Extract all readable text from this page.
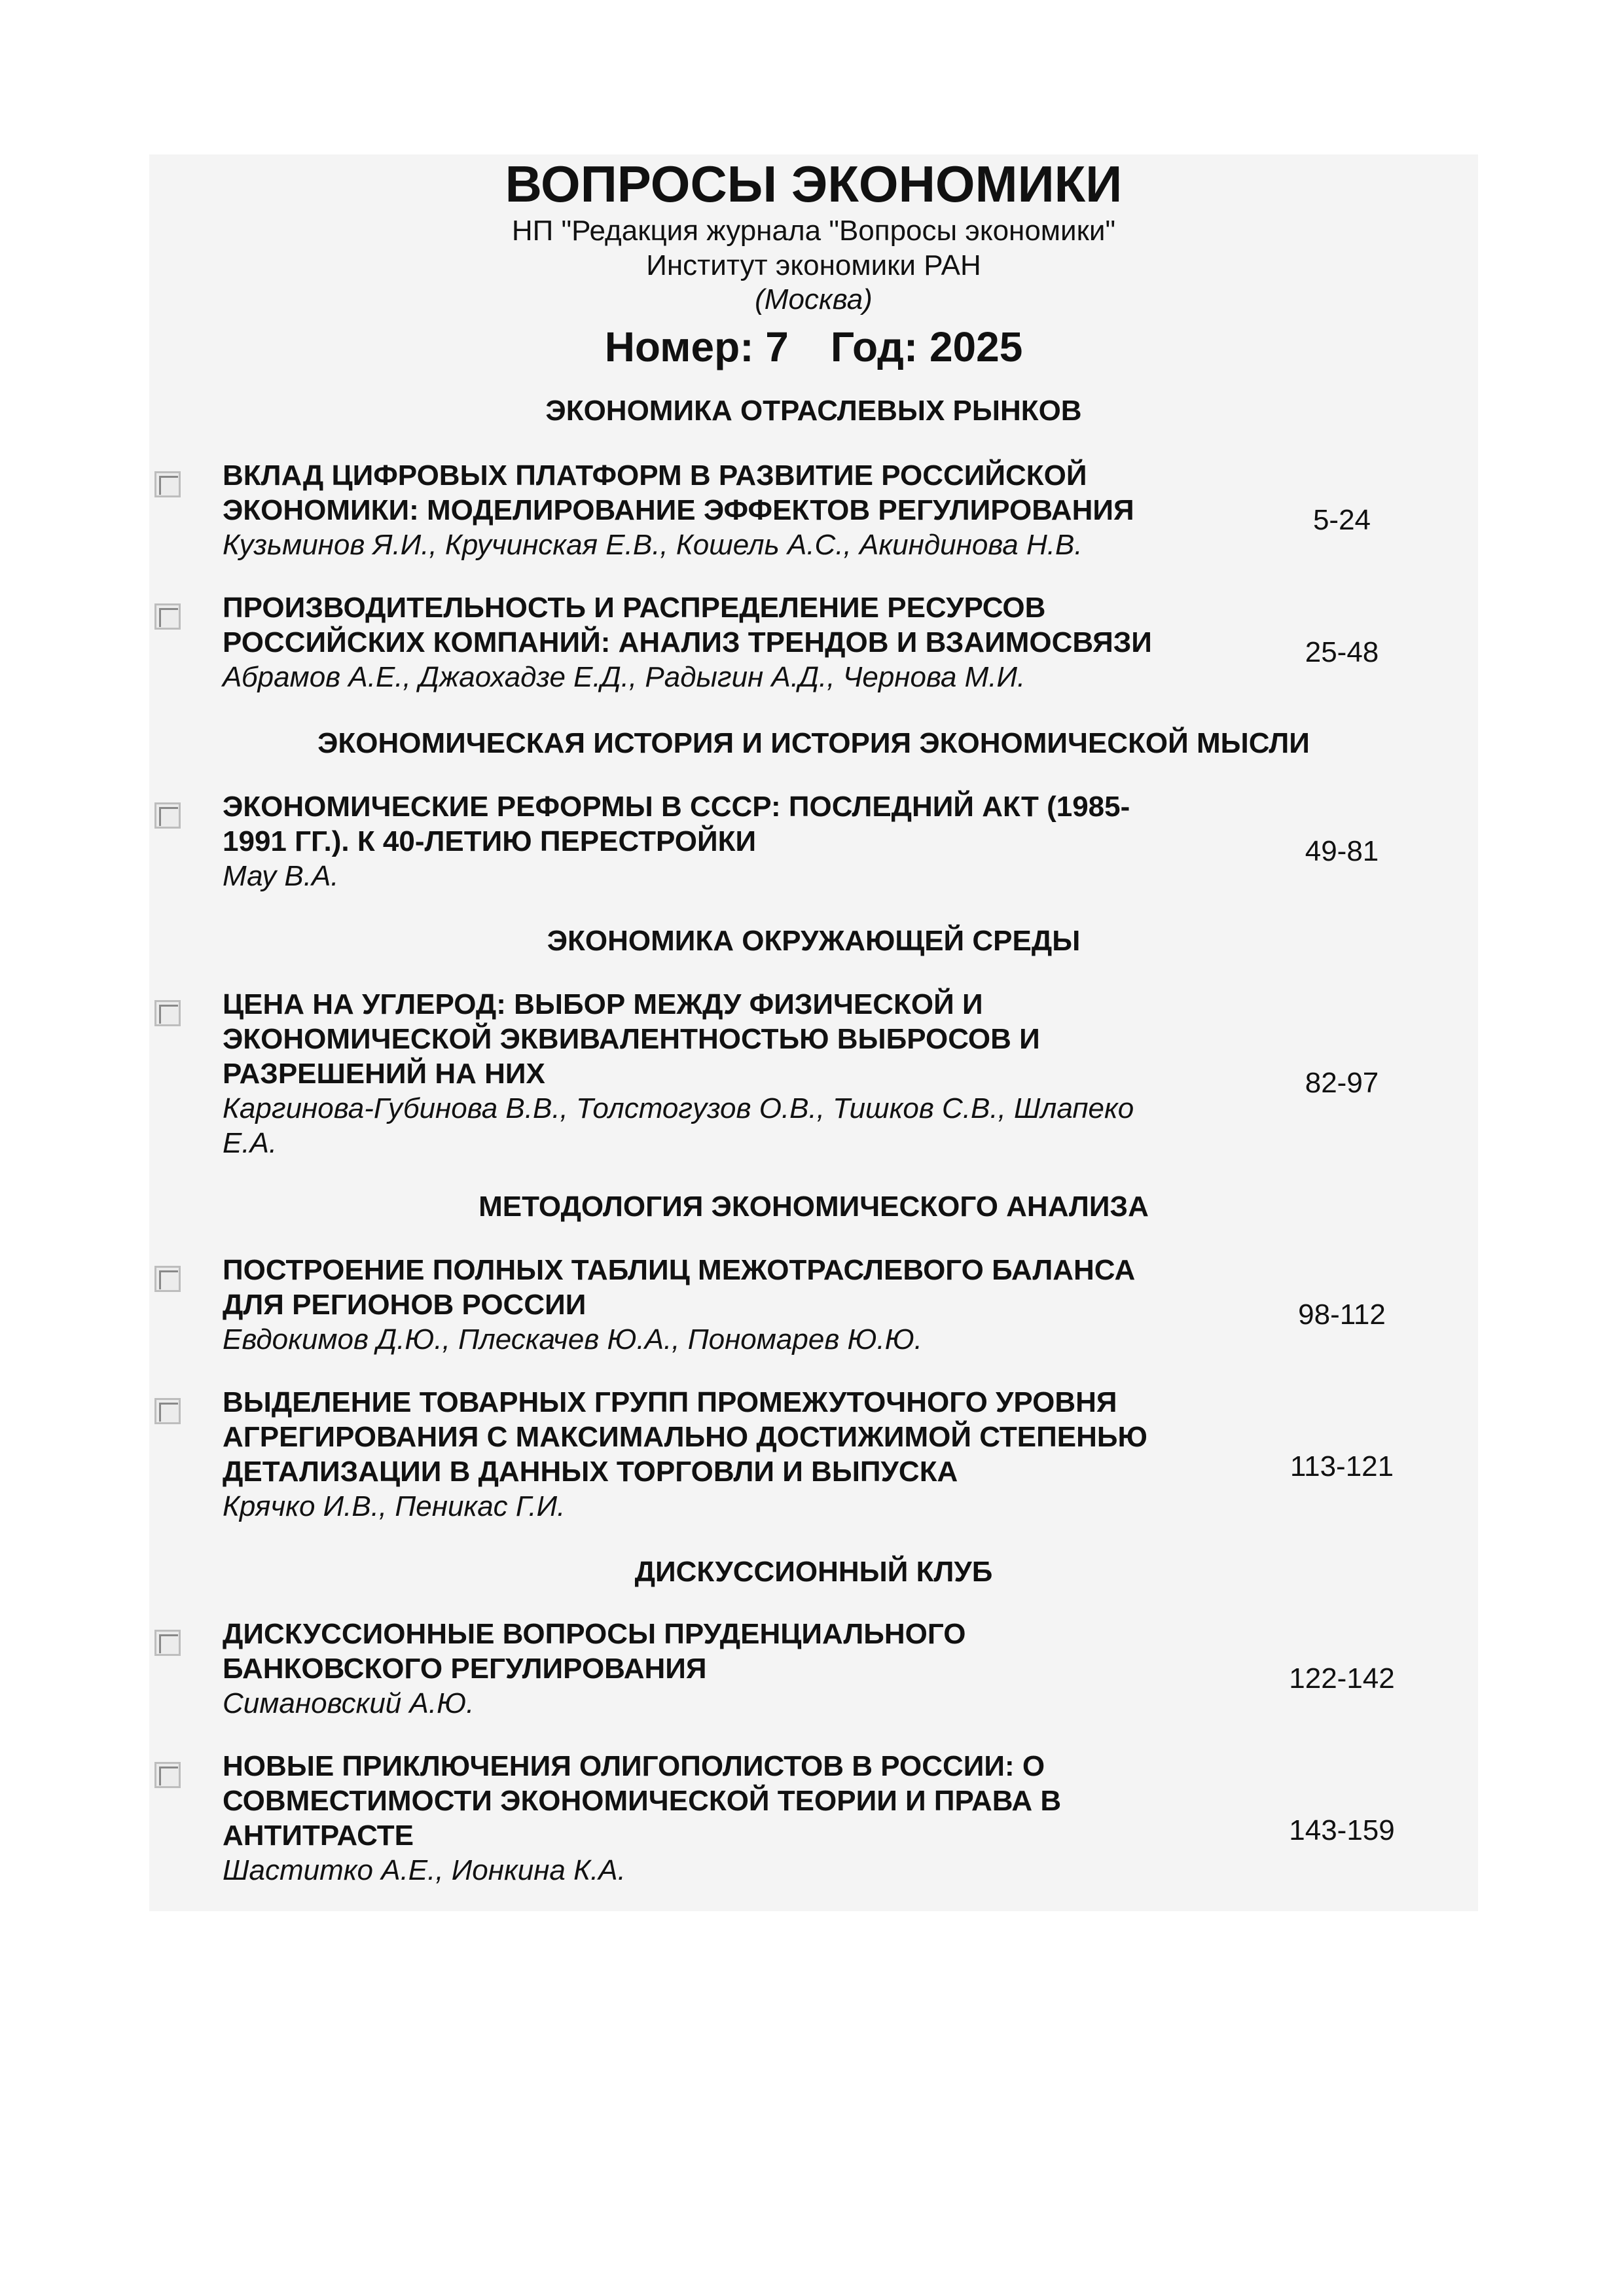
ВОПРОСЫ ЭКОНОМИКИ
НП "Редакция журнала "Вопросы экономики"
Институт экономики РАН
(Москва)
Номер: 7 Год: 2025
ЭКОНОМИКА ОТРАСЛЕВЫХ РЫНКОВ
ВКЛАД ЦИФРОВЫХ ПЛАТФОРМ В РАЗВИТИЕ РОССИЙСКОЙ
ЭКОНОМИКИ: МОДЕЛИРОВАНИЕ ЭФФЕКТОВ РЕГУЛИРОВАНИЯ
Кузьминов Я.И., Кручинская Е.В., Кошель А.С., Акиндинова Н.В.
5-24
ПРОИЗВОДИТЕЛЬНОСТЬ И РАСПРЕДЕЛЕНИЕ РЕСУРСОВ
РОССИЙСКИХ КОМПАНИЙ: АНАЛИЗ ТРЕНДОВ И ВЗАИМОСВЯЗИ
Абрамов А.Е., Джаохадзе Е.Д., Радыгин А.Д., Чернова М.И.
25-48
ЭКОНОМИЧЕСКАЯ ИСТОРИЯ И ИСТОРИЯ ЭКОНОМИЧЕСКОЙ МЫСЛИ
ЭКОНОМИЧЕСКИЕ РЕФОРМЫ В СССР: ПОСЛЕДНИЙ АКТ (1985-
1991 ГГ.). К 40-ЛЕТИЮ ПЕРЕСТРОЙКИ
Мау В.А.
49-81
ЭКОНОМИКА ОКРУЖАЮЩЕЙ СРЕДЫ
ЦЕНА НА УГЛЕРОД: ВЫБОР МЕЖДУ ФИЗИЧЕСКОЙ И
ЭКОНОМИЧЕСКОЙ ЭКВИВАЛЕНТНОСТЬЮ ВЫБРОСОВ И
РАЗРЕШЕНИЙ НА НИХ
Каргинова-Губинова В.В., Толстогузов О.В., Тишков С.В., Шлапеко
Е.А.
82-97
МЕТОДОЛОГИЯ ЭКОНОМИЧЕСКОГО АНАЛИЗА
ПОСТРОЕНИЕ ПОЛНЫХ ТАБЛИЦ МЕЖОТРАСЛЕВОГО БАЛАНСА
ДЛЯ РЕГИОНОВ РОССИИ
Евдокимов Д.Ю., Плескачев Ю.А., Пономарев Ю.Ю.
98-112
ВЫДЕЛЕНИЕ ТОВАРНЫХ ГРУПП ПРОМЕЖУТОЧНОГО УРОВНЯ
АГРЕГИРОВАНИЯ С МАКСИМАЛЬНО ДОСТИЖИМОЙ СТЕПЕНЬЮ
ДЕТАЛИЗАЦИИ В ДАННЫХ ТОРГОВЛИ И ВЫПУСКА
Крячко И.В., Пеникас Г.И.
113-121
ДИСКУССИОННЫЙ КЛУБ
ДИСКУССИОННЫЕ ВОПРОСЫ ПРУДЕНЦИАЛЬНОГО
БАНКОВСКОГО РЕГУЛИРОВАНИЯ
Симановский А.Ю.
122-142
НОВЫЕ ПРИКЛЮЧЕНИЯ ОЛИГОПОЛИСТОВ В РОССИИ: О
СОВМЕСТИМОСТИ ЭКОНОМИЧЕСКОЙ ТЕОРИИ И ПРАВА В
АНТИТРАСТЕ
Шаститко А.Е., Ионкина К.А.
143-159
